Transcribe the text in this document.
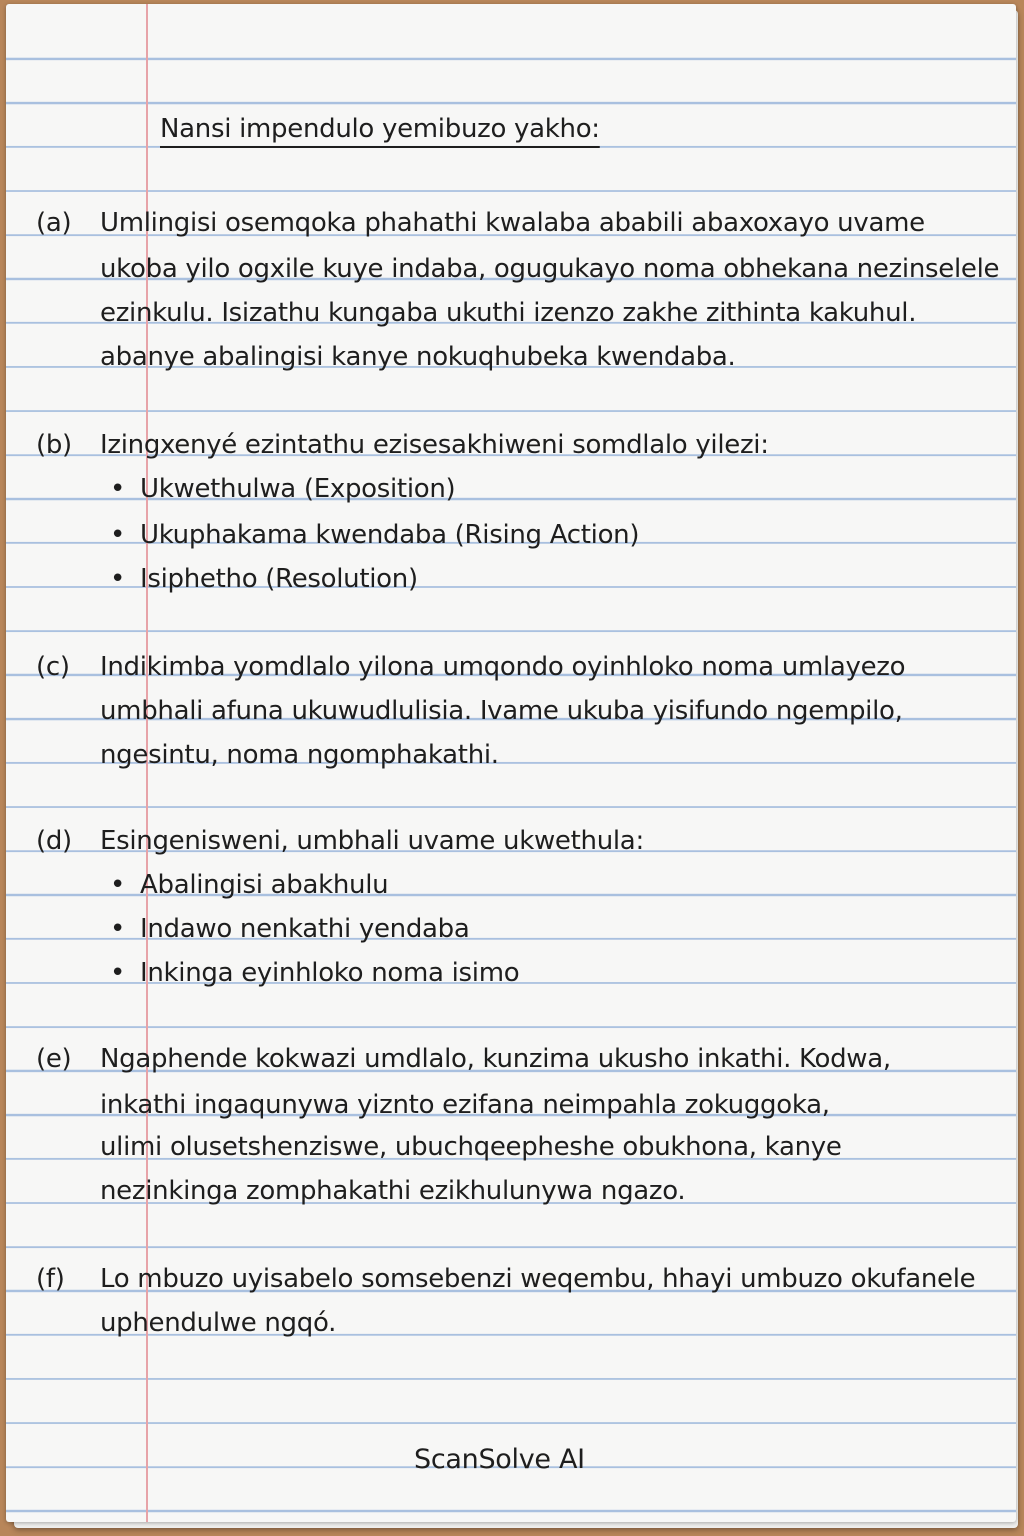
Nansi impendulo yemibuzo yakho:
(a) Umlingisi osemqoka phahathi kwalaba ababili abaxoxayo uvame
ukoba yilo ogxile kuye indaba, ogugukayo noma obhekana nezinselele
ezinkulu. Isizathu kungaba ukuthi izenzo zakhe zithinta kakuhul.
abanye abalingisi kanye nokuqhubeka kwendaba.
(b) Izingxenyé ezintathu ezisesakhiweni somdlalo yilezi:
• Ukwethulwa (Exposition)
• Ukuphakama kwendaba (Rising Action)
• Isiphetho (Resolution)
(c) Indikimba yomdlalo yilona umqondo oyinhloko noma umlayezo
umbhali afuna ukuwudlulisia. Ivame ukuba yisifundo ngempilo,
ngesintu, noma ngomphakathi.
(d) Esingenisweni, umbhali uvame ukwethula:
• Abalingisi abakhulu
• Indawo nenkathi yendaba
• Inkinga eyinhloko noma isimo
(e) Ngaphende kokwazi umdlalo, kunzima ukusho inkathi. Kodwa,
inkathi ingaqunywa yiznto ezifana neimpahla zokuggoka,
ulimi olusetshenziswe, ubuchqeepheshe obukhona, kanye
nezinkinga zomphakathi ezikhulunywa ngazo.
(f) Lo mbuzo uyisabelo somsebenzi weqembu, hhayi umbuzo okufanele
uphendulwe ngqó.
ScanSolve AI
